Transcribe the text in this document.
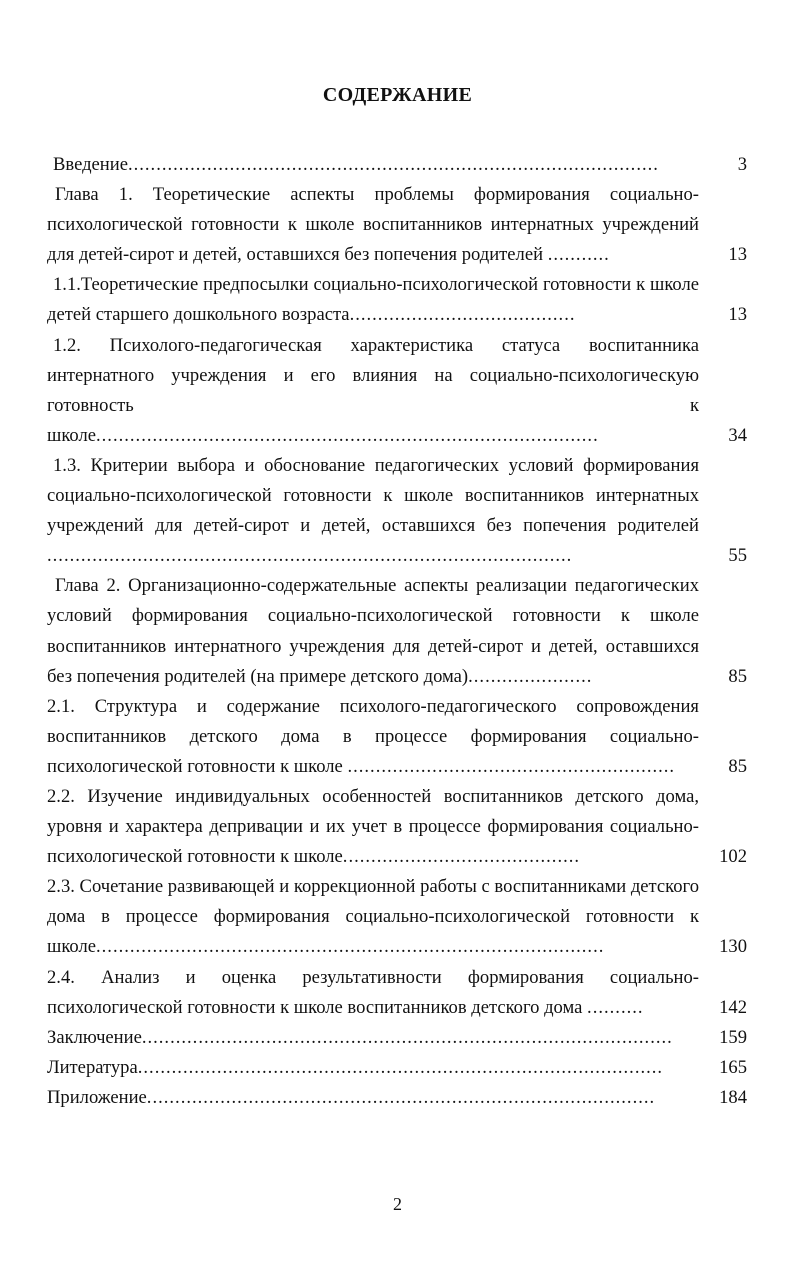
СОДЕРЖАНИЕ
Введение..............................................................................................	3
Глава 1. Теоретические аспекты проблемы формирования социально-психологической готовности к школе воспитанников интернатных учреждений для детей-сирот и детей, оставшихся без попечения родителей ...........	13
1.1.Теоретические предпосылки социально-психологической готовности к школе детей старшего дошкольного возраста........................................	13
1.2. Психолого-педагогическая характеристика статуса воспитанника интернатного учреждения и его влияния на социально-психологическую готовность к школе.........................................................................................	34
1.3. Критерии выбора и обоснование педагогических условий формирования социально-психологической готовности к школе воспитанников интернатных учреждений для детей-сирот и детей, оставшихся без попечения родителей .............................................................................................	55
Глава 2. Организационно-содержательные аспекты реализации педагогических условий формирования социально-психологической готовности к школе воспитанников интернатного учреждения для детей-сирот и детей, оставшихся без попечения родителей (на примере детского дома)......................	85
2.1. Структура и содержание психолого-педагогического сопровождения воспитанников детского дома в процессе формирования социально-психологической готовности к школе ..........................................................	85
2.2. Изучение индивидуальных особенностей воспитанников детского дома, уровня и характера депривации и их учет в процессе формирования социально-психологической готовности к школе..........................................	102
2.3. Сочетание развивающей и коррекционной работы с воспитанниками детского дома в процессе формирования социально-психологической готовности к школе..........................................................................................	130
2.4. Анализ и оценка результативности формирования социально-психологической готовности к школе воспитанников детского дома ..........	142
Заключение.............................................................................................. 159
Литература.............................................................................................	165
Приложение..........................................................................................	184
2
